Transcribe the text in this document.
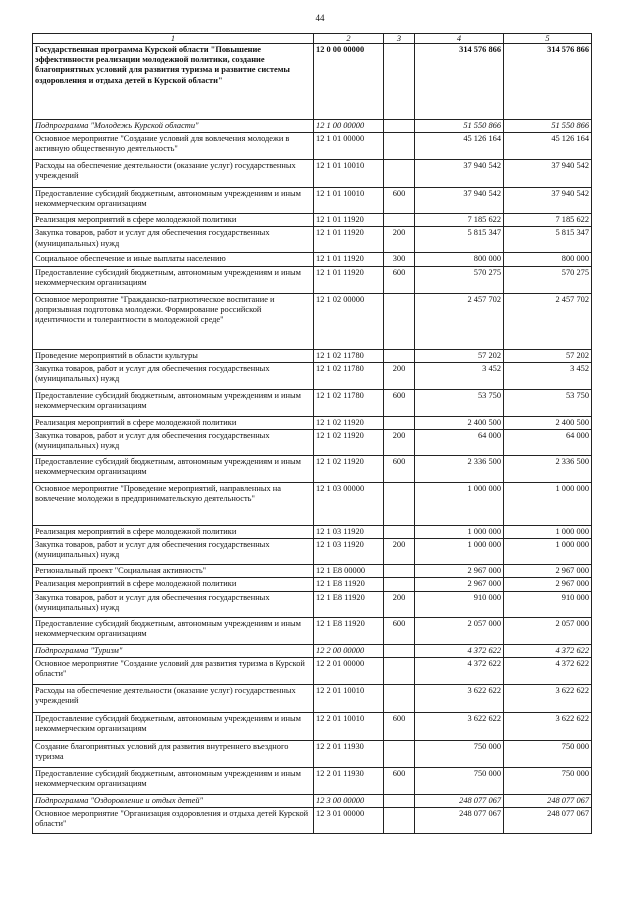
44
1	2	3	4	5
Государственная программа Курской области "Повышение эффективности реализации молодежной политики, создание благоприятных условий для развития туризма и развитие системы оздоровления и отдыха детей в Курской области"	12 0 00 00000		314 576 866	314 576 866
Подпрограмма "Молодежь Курской области"	12 1 00 00000		51 550 866	51 550 866
Основное мероприятие "Создание условий для вовлечения молодежи в активную общественную деятельность"	12 1 01 00000		45 126 164	45 126 164
Расходы на обеспечение деятельности (оказание услуг) государственных учреждений	12 1 01 10010		37 940 542	37 940 542
Предоставление субсидий бюджетным, автономным учреждениям и иным некоммерческим организациям	12 1 01 10010	600	37 940 542	37 940 542
Реализация мероприятий в сфере молодежной политики	12 1 01 11920		7 185 622	7 185 622
Закупка товаров, работ и услуг для обеспечения государственных (муниципальных) нужд	12 1 01 11920	200	5 815 347	5 815 347
Социальное обеспечение и иные выплаты населению	12 1 01 11920	300	800 000	800 000
Предоставление субсидий бюджетным, автономным учреждениям и иным некоммерческим организациям	12 1 01 11920	600	570 275	570 275
Основное мероприятие "Гражданско-патриотическое воспитание и допризывная подготовка молодежи. Формирование российской идентичности и толерантности в молодежной среде"	12 1 02 00000		2 457 702	2 457 702
Проведение мероприятий в области культуры	12 1 02 11780		57 202	57 202
Закупка товаров, работ и услуг для обеспечения государственных (муниципальных) нужд	12 1 02 11780	200	3 452	3 452
Предоставление субсидий бюджетным, автономным учреждениям и иным некоммерческим организациям	12 1 02 11780	600	53 750	53 750
Реализация мероприятий в сфере молодежной политики	12 1 02 11920		2 400 500	2 400 500
Закупка товаров, работ и услуг для обеспечения государственных (муниципальных) нужд	12 1 02 11920	200	64 000	64 000
Предоставление субсидий бюджетным, автономным учреждениям и иным некоммерческим организациям	12 1 02 11920	600	2 336 500	2 336 500
Основное мероприятие "Проведение мероприятий, направленных на вовлечение молодежи в предпринимательскую деятельность"	12 1 03 00000		1 000 000	1 000 000
Реализация мероприятий в сфере молодежной политики	12 1 03 11920		1 000 000	1 000 000
Закупка товаров, работ и услуг для обеспечения государственных (муниципальных) нужд	12 1 03 11920	200	1 000 000	1 000 000
Региональный проект "Социальная активность"	12 1 E8 00000		2 967 000	2 967 000
Реализация мероприятий в сфере молодежной политики	12 1 E8 11920		2 967 000	2 967 000
Закупка товаров, работ и услуг для обеспечения государственных (муниципальных) нужд	12 1 E8 11920	200	910 000	910 000
Предоставление субсидий бюджетным, автономным учреждениям и иным некоммерческим организациям	12 1 E8 11920	600	2 057 000	2 057 000
Подпрограмма "Туризм"	12 2 00 00000		4 372 622	4 372 622
Основное мероприятие "Создание условий для развития туризма в Курской области"	12 2 01 00000		4 372 622	4 372 622
Расходы на обеспечение деятельности (оказание услуг) государственных учреждений	12 2 01 10010		3 622 622	3 622 622
Предоставление субсидий бюджетным, автономным учреждениям и иным некоммерческим организациям	12 2 01 10010	600	3 622 622	3 622 622
Создание благоприятных условий для развития внутреннего въездного туризма	12 2 01 11930		750 000	750 000
Предоставление субсидий бюджетным, автономным учреждениям и иным некоммерческим организациям	12 2 01 11930	600	750 000	750 000
Подпрограмма "Оздоровление и отдых детей"	12 3 00 00000		248 077 067	248 077 067
Основное мероприятие "Организация оздоровления и отдыха детей Курской области"	12 3 01 00000		248 077 067	248 077 067
